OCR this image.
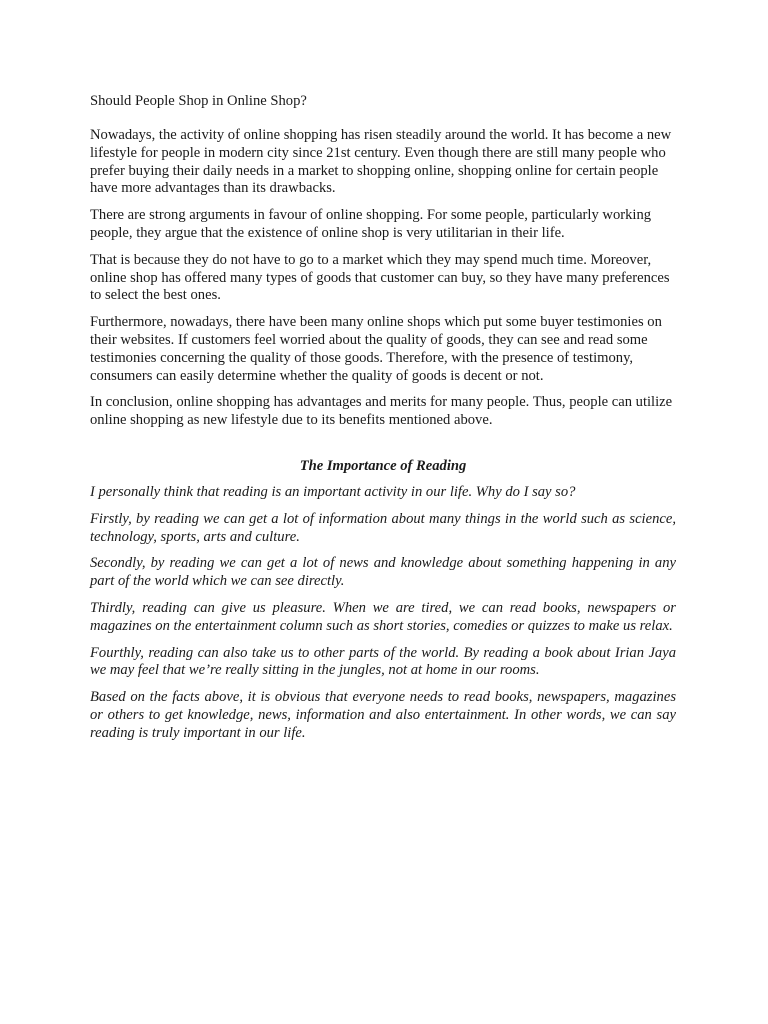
Should People Shop in Online Shop?

Nowadays, the activity of online shopping has risen steadily around the world. It has become a new lifestyle for people in modern city since 21st century. Even though there are still many people who prefer buying their daily needs in a market to shopping online, shopping online for certain people have more advantages than its drawbacks.

There are strong arguments in favour of online shopping. For some people, particularly working people, they argue that the existence of online shop is very utilitarian in their life.

That is because they do not have to go to a market which they may spend much time. Moreover, online shop has offered many types of goods that customer can buy, so they have many preferences to select the best ones.

Furthermore, nowadays, there have been many online shops which put some buyer testimonies on their websites. If customers feel worried about the quality of goods, they can see and read some testimonies concerning the quality of those goods. Therefore, with the presence of testimony, consumers can easily determine whether the quality of goods is decent or not.

In conclusion, online shopping has advantages and merits for many people. Thus, people can utilize online shopping as new lifestyle due to its benefits mentioned above.

The Importance of Reading

I personally think that reading is an important activity in our life. Why do I say so?

Firstly, by reading we can get a lot of information about many things in the world such as science, technology, sports, arts and culture.

Secondly, by reading we can get a lot of news and knowledge about something happening in any part of the world which we can see directly.

Thirdly, reading can give us pleasure. When we are tired, we can read books, newspapers or magazines on the entertainment column such as short stories, comedies or quizzes to make us relax.

Fourthly, reading can also take us to other parts of the world. By reading a book about Irian Jaya we may feel that we’re really sitting in the jungles, not at home in our rooms.

Based on the facts above, it is obvious that everyone needs to read books, newspapers, magazines or others to get knowledge, news, information and also entertainment. In other words, we can say reading is truly important in our life.
